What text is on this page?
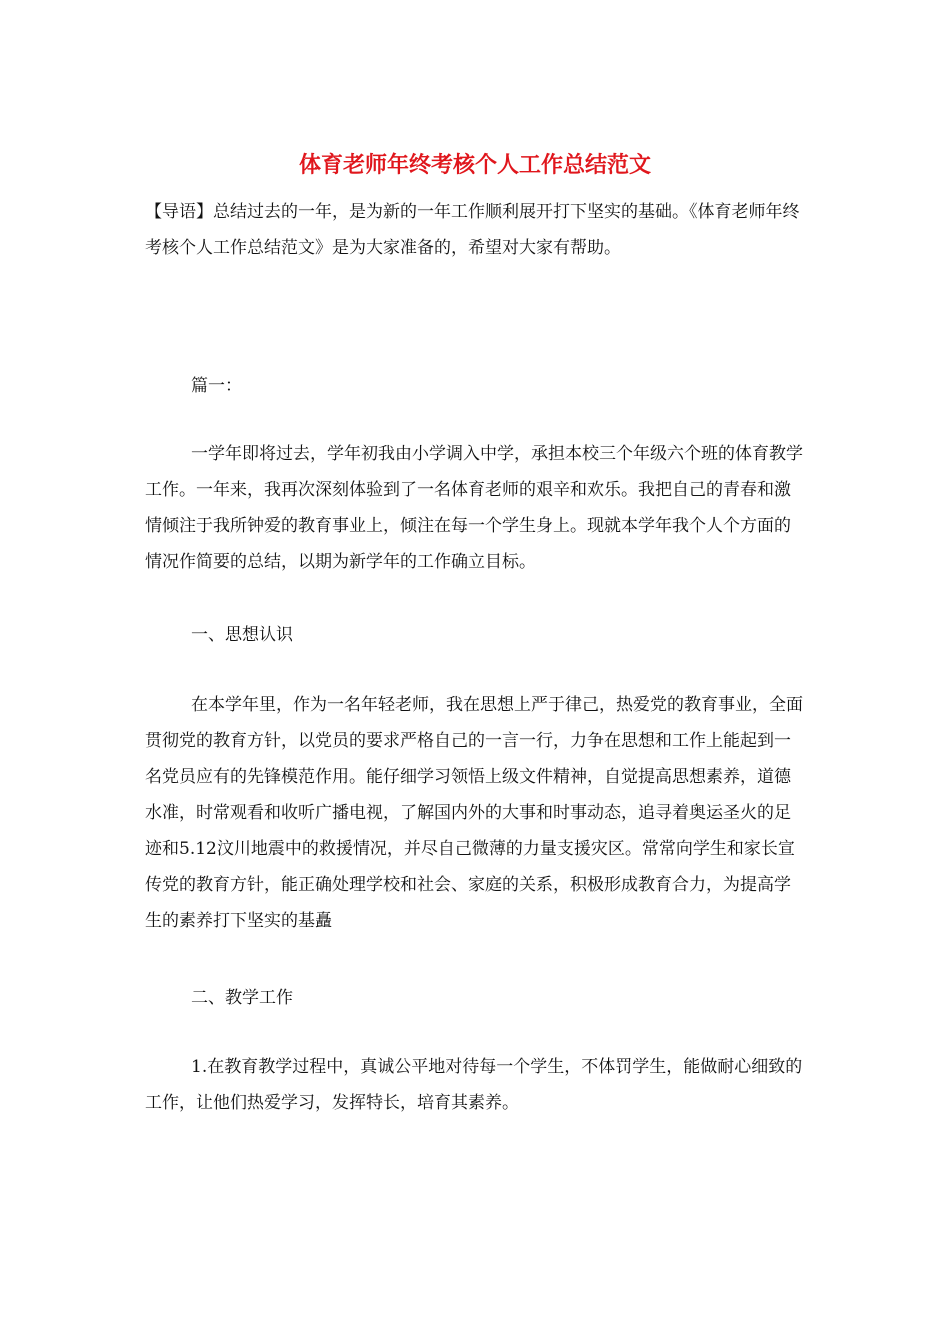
体育老师年终考核个人工作总结范文

【导语】总结过去的一年，是为新的一年工作顺利展开打下坚实的基础。《体育老师年终考核个人工作总结范文》是为大家准备的，希望对大家有帮助。

篇一：

一学年即将过去，学年初我由小学调入中学，承担本校三个年级六个班的体育教学工作。一年来，我再次深刻体验到了一名体育老师的艰辛和欢乐。我把自己的青春和激情倾注于我所钟爱的教育事业上，倾注在每一个学生身上。现就本学年我个人个方面的情况作简要的总结，以期为新学年的工作确立目标。

一、思想认识

在本学年里，作为一名年轻老师，我在思想上严于律己，热爱党的教育事业，全面贯彻党的教育方针，以党员的要求严格自己的一言一行，力争在思想和工作上能起到一名党员应有的先锋模范作用。能仔细学习领悟上级文件精神，自觉提高思想素养，道德水准，时常观看和收听广播电视，了解国内外的大事和时事动态，追寻着奥运圣火的足迹和5.12汶川地震中的救援情况，并尽自己微薄的力量支援灾区。常常向学生和家长宣传党的教育方针，能正确处理学校和社会、家庭的关系，积极形成教育合力，为提高学生的素养打下坚实的基矗

二、教学工作

1.在教育教学过程中，真诚公平地对待每一个学生，不体罚学生，能做耐心细致的工作，让他们热爱学习，发挥特长，培育其素养。
